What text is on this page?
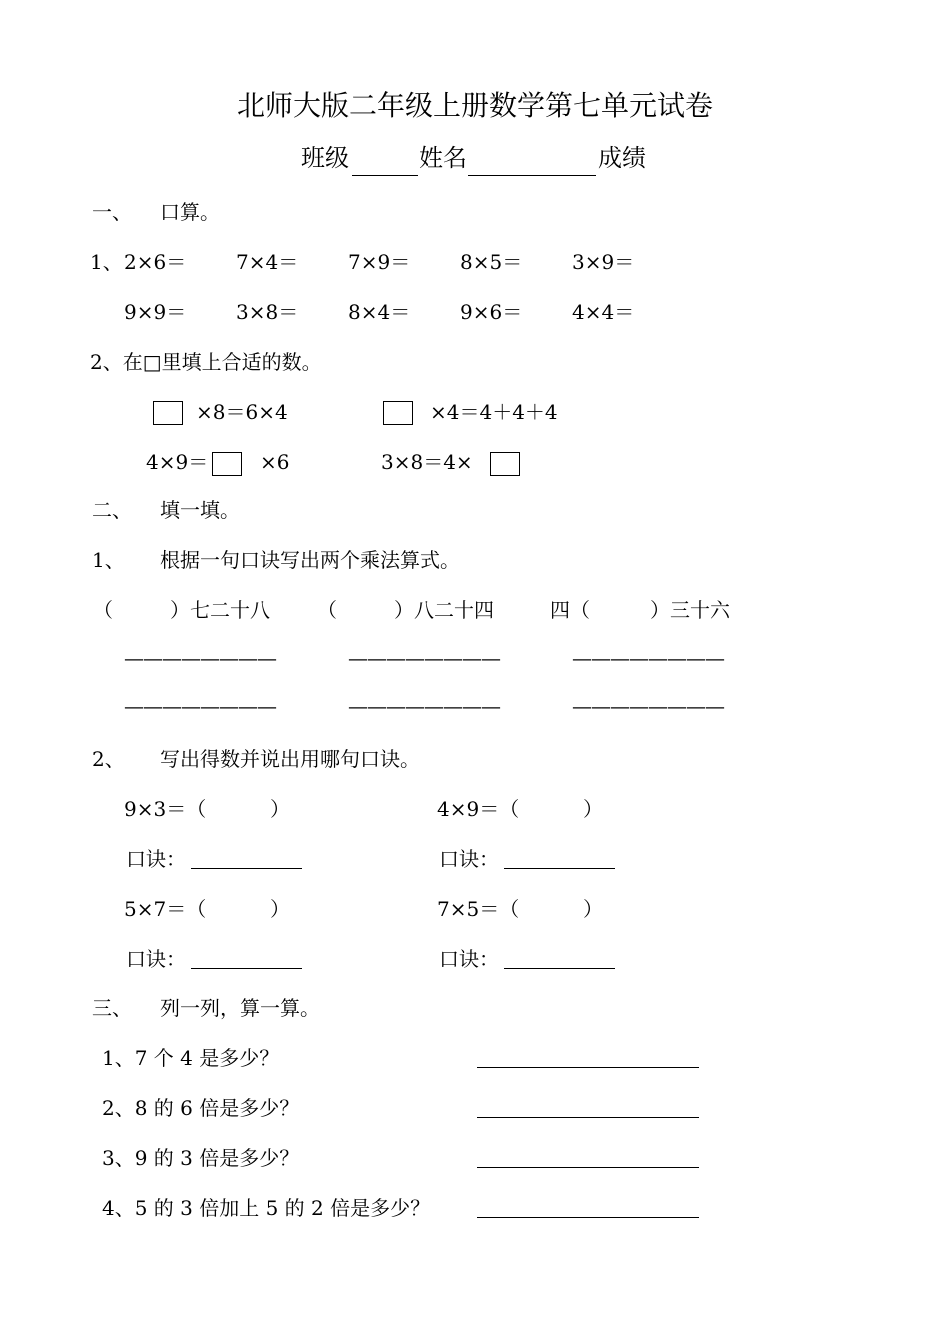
北师大版二年级上册数学第七单元试卷
班级	姓名	成绩
一、 口算。
1、 2×6＝ 7×4＝ 7×9＝ 8×5＝ 3×9＝
9×9＝ 3×8＝ 8×4＝ 9×6＝ 4×4＝
2、在□里填上合适的数。
×8＝6×4	×4＝4＋4＋4
4×9＝	×6	3×8＝4×
二、 填一填。
1、 根据一句口诀写出两个乘法算式。
（	）七二十八 （	）八二十四	四（	）三十六
————————	————————	————————
————————	————————	————————
2、 写出得数并说出用哪句口诀。
9×3＝（	）	4×9＝（	）
口诀：	口诀：
5×7＝（	）	7×5＝（	）
口诀：	口诀：
三、 列一列，算一算。
1、7 个 4 是多少？
2、8 的 6 倍是多少？
3、9 的 3 倍是多少？
4、5 的 3 倍加上 5 的 2 倍是多少？
